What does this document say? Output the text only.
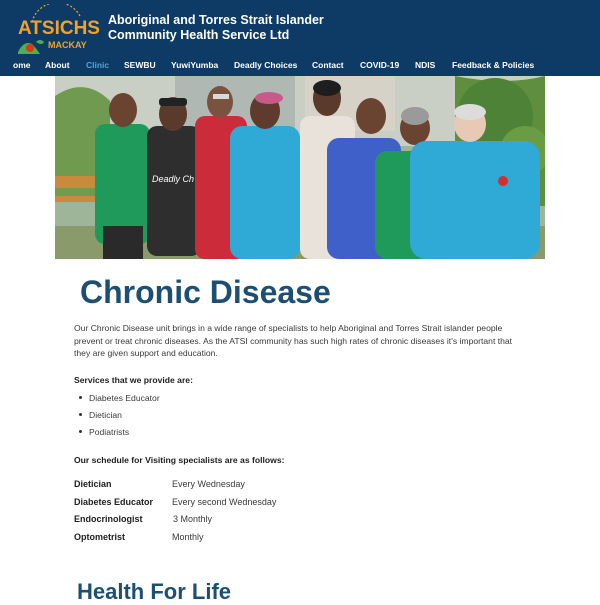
ATSICHS
MACKAY
Aboriginal and Torres Strait Islander
Community Health Service Ltd
ome About Clinic SEWBU YuwiYumba Deadly Choices Contact COVID-19 NDIS Feedback & Policies
Deadly Ch
Chronic Disease
Our Chronic Disease unit brings in a wide range of specialists to help Aboriginal and Torres Strait islander people prevent or treat chronic diseases. As the ATSI community has such high rates of chronic diseases it's important that they are given support and education.
Services that we provide are:
Diabetes Educator
Dietician
Podiatrists
Our schedule for Visiting specialists are as follows:
Dietician	Every Wednesday
Diabetes Educator Every second Wednesday
Endocrinologist	3 Monthly
Optometrist	Monthly
Health For Life
